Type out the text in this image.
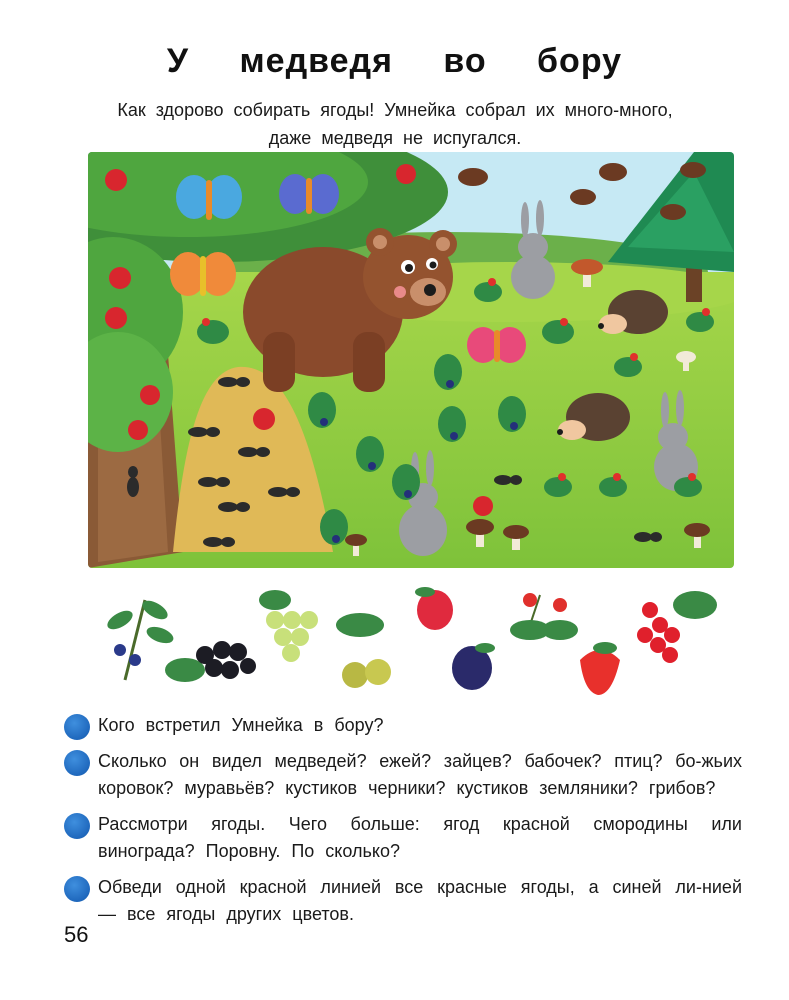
У медведя во бору
Как здорово собирать ягоды! Умнейка собрал их много-много,
даже медведя не испугался.
Кого встретил Умнейка в бору?
Сколько он видел медведей? ежей? зайцев? бабочек? птиц? бо-жьих коровок? муравьёв? кустиков черники? кустиков земляники? грибов?
Рассмотри ягоды. Чего больше: ягод красной смородины или винограда? Поровну. По сколько?
Обведи одной красной линией все красные ягоды, а синей ли-нией — все ягоды других цветов.
56
